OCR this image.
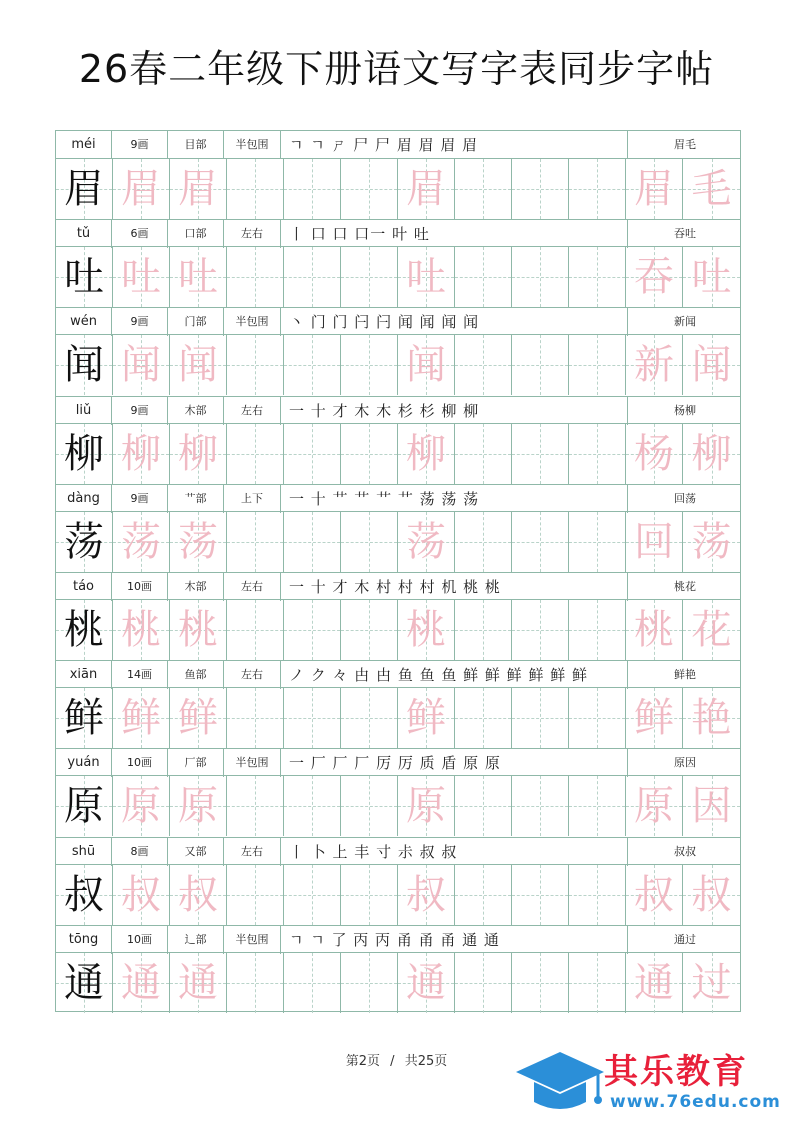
26春二年级下册语文写字表同步字帖
méi	9画	目部	半包围	ㄱ ㄱ ㄕ 尸 尸 眉 眉 眉 眉	眉毛
眉 眉 眉	眉	眉 毛
tǔ	6画	口部	左右	丨 口 口 口一 叶 吐	吞吐
吐 吐 吐	吐	吞 吐
wén	9画	门部	半包围	丶 门 门 闩 闩 闻 闻 闻 闻	新闻
闻 闻 闻	闻	新 闻
liǔ	9画	木部	左右	一 十 才 木 木 杉 杉 柳 柳	杨柳
柳 柳 柳	柳	杨 柳
dàng	9画	艹部	上下	一 十 艹 艹 艹 艹 荡 荡 荡	回荡
荡 荡 荡	荡	回 荡
táo	10画	木部	左右	一 十 才 木 村 村 村 机 桃 桃	桃花
桃 桃 桃	桃	桃 花
xiān	14画	鱼部	左右	ノ ク 々 甴 甴 鱼 鱼 鱼 鲜 鲜 鲜 鲜 鲜 鲜	鲜艳
鲜 鲜 鲜	鲜	鲜 艳
yuán	10画	厂部	半包围	一 厂 厂 厂 厉 厉 质 盾 原 原	原因
原 原 原	原	原 因
shū	8画	又部	左右	丨 卜 上 丰 寸 尗 叔 叔	叔叔
叔 叔 叔	叔	叔 叔
tōng	10画	辶部	半包围	ㄱ ㄱ 了 丙 丙 甬 甬 甬 通 通	通过
通 通 通	通	通 过
第2页 / 共25页	其乐教育
www.76edu.com
